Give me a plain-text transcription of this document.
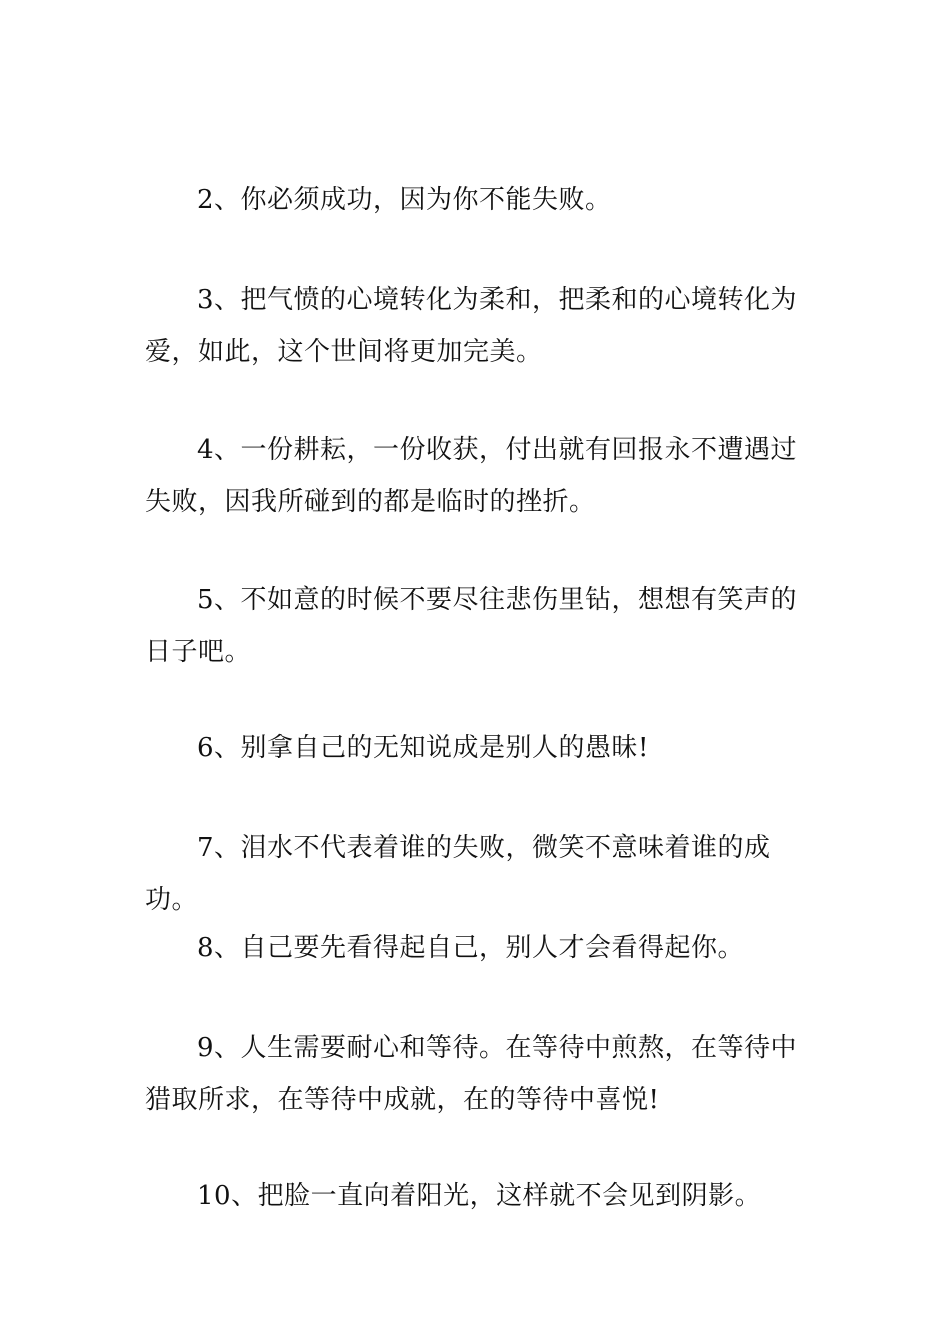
2、你必须成功，因为你不能失败。

3、把气愤的心境转化为柔和，把柔和的心境转化为爱，如此，这个世间将更加完美。

4、一份耕耘，一份收获，付出就有回报永不遭遇过失败，因我所碰到的都是临时的挫折。

5、不如意的时候不要尽往悲伤里钻，想想有笑声的日子吧。

6、别拿自己的无知说成是别人的愚昧!

7、泪水不代表着谁的失败，微笑不意味着谁的成功。

8、自己要先看得起自己，别人才会看得起你。

9、人生需要耐心和等待。在等待中煎熬，在等待中猎取所求，在等待中成就，在的等待中喜悦!

10、把脸一直向着阳光，这样就不会见到阴影。
